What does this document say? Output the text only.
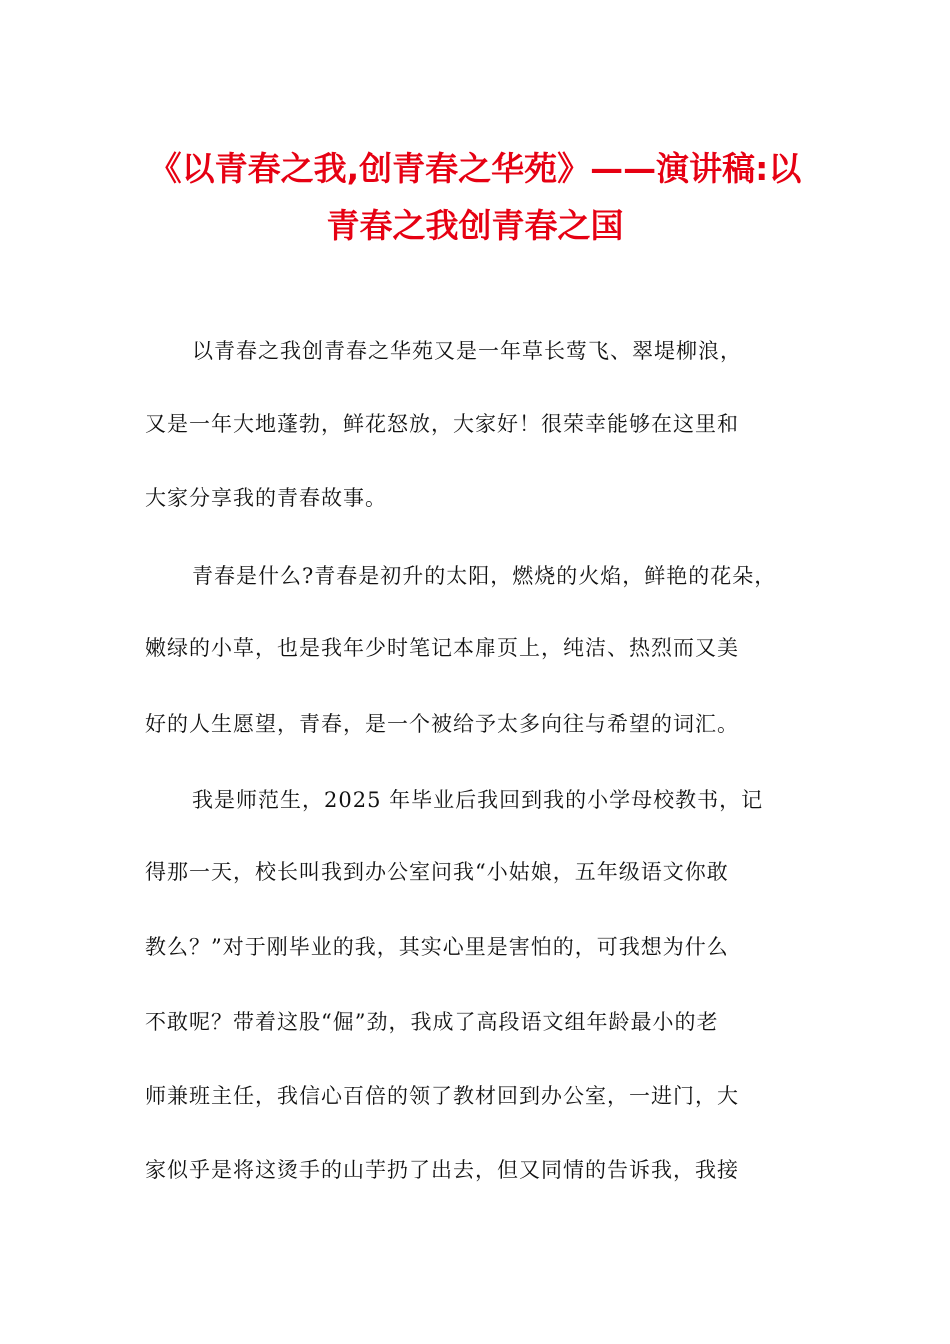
《以青春之我,创青春之华苑》——演讲稿:以
青春之我创青春之国
以青春之我创青春之华苑又是一年草长莺飞、翠堤柳浪，
又是一年大地蓬勃，鲜花怒放，大家好！很荣幸能够在这里和
大家分享我的青春故事。
青春是什么?青春是初升的太阳，燃烧的火焰，鲜艳的花朵，
嫩绿的小草，也是我年少时笔记本扉页上，纯洁、热烈而又美
好的人生愿望，青春，是一个被给予太多向往与希望的词汇。
我是师范生，2025 年毕业后我回到我的小学母校教书，记
得那一天，校长叫我到办公室问我“小姑娘，五年级语文你敢
教么？”对于刚毕业的我，其实心里是害怕的，可我想为什么
不敢呢？带着这股“倔”劲，我成了高段语文组年龄最小的老
师兼班主任，我信心百倍的领了教材回到办公室，一进门，大
家似乎是将这烫手的山芋扔了出去，但又同情的告诉我，我接
